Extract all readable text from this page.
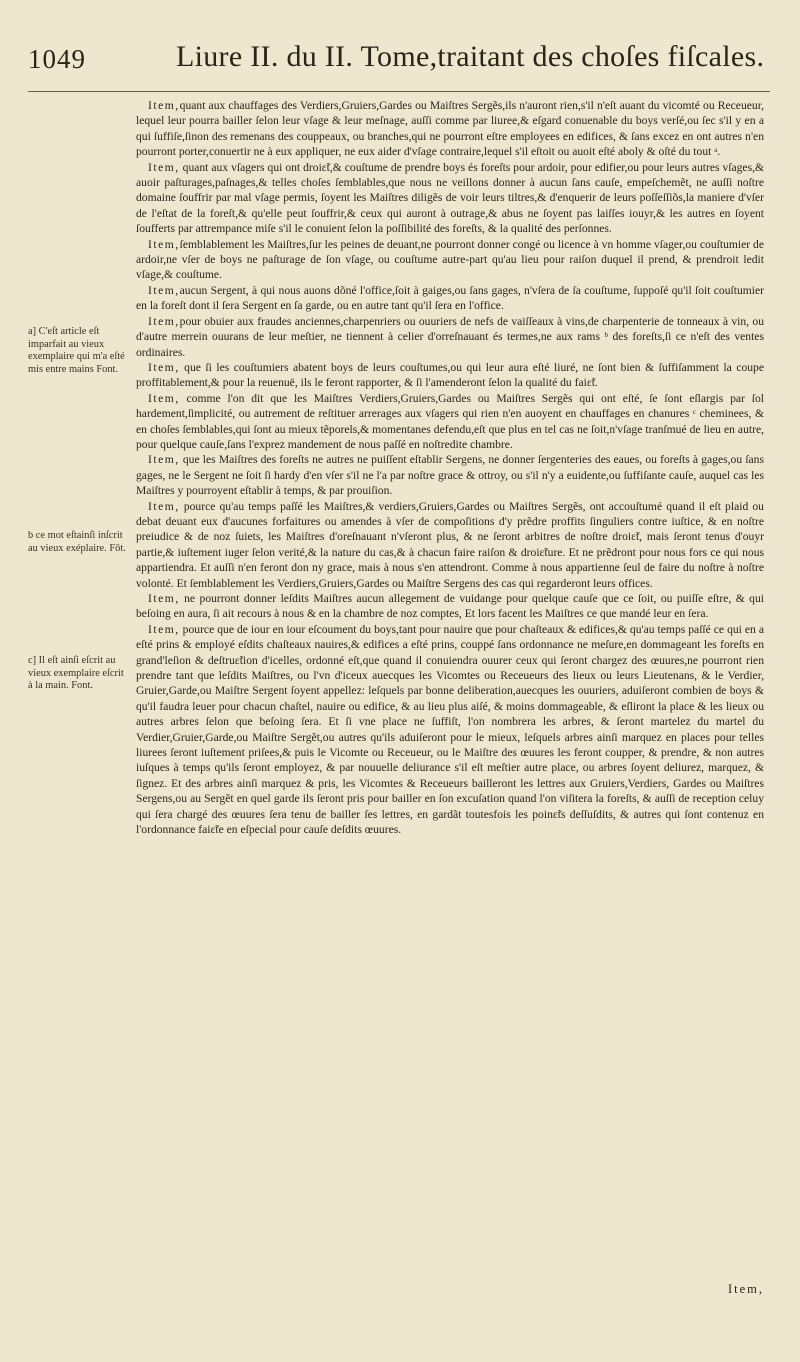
1049	Liure II. du II. Tome,traitant des choſes fiſcales.
a] C'eſt article eſt imparfait au vieux exemplaire qui m'a eſté mis entre mains Font.
b ce mot eſtainſi inſcrit au vieux exéplaire. Fōt.
c] Il eſt ainſi eſcrit au vieux exemplaire eſcrit à la main. Font.

Item,quant aux chauffages des Verdiers,Gruiers,Gardes ou Maiſtres Sergẽs,ils n'auront rien,s'il n'eſt auant du vicomté ou Receueur, lequel leur pourra bailler ſelon leur vſage & leur meſnage, auſſi comme par liuree,& eſgard conuenable du boys verſé,ou ſec s'il y en a qui ſuffiſe,ſinon des remenans des couppeaux, ou branches,qui ne pourront eſtre employees en edifices, & ſans excez en ont autres n'en pourront porter,conuertir ne à eux appliquer, ne eux aider d'vſage contraire,lequel s'il eſtoit ou auoit eſté aboly & oſté du tout ᵃ.

Item, quant aux vſagers qui ont droiɛ̃t,& couſtume de prendre boys és foreſts pour ardoir, pour edifier,ou pour leurs autres vſages,& auoir paſturages,paſnages,& telles choſes ſemblables,que nous ne veillons donner à aucun ſans cauſe, empeſchemẽt, ne auſſi noſtre domaine ſouffrir par mal vſage permis, ſoyent les Maiſtres diligẽs de voir leurs tiltres,& d'enquerir de leurs poſſeſſiõs,la maniere d'vſer de l'eſtat de la foreſt,& qu'elle peut ſouffrir,& ceux qui auront à outrage,& abus ne ſoyent pas laiſſes iouyr,& les autres en ſoyent ſoufferts par attrempance miſe s'il le conuient ſelon la poſſibilité des foreſts, & la qualité des perſonnes.

Item,ſemblablement les Maiſtres,ſur les peines de deuant,ne pourront donner congé ou licence à vn homme vſager,ou couſtumier de ardoir,ne vſer de boys ne paſturage de ſon vſage, ou couſtume autre-part qu'au lieu pour raiſon duquel il prend, & prendroit ledit vſage,& couſtume.

Item,aucun Sergent, à qui nous auons dõné l'office,ſoit à gaiges,ou ſans gages, n'vſera de ſa couſtume, ſuppoſé qu'il ſoit couſtumier en la foreſt dont il ſera Sergent en ſa garde, ou en autre tant qu'il ſera en l'office.

Item,pour obuier aux fraudes anciennes,charpenriers ou ouuriers de nefs de vaiſſeaux à vins,de charpenterie de tonneaux à vin, ou d'autre merrein ouurans de leur meſtier, ne tiennent à celier d'orreſnauant és termes,ne aux rams ᵇ des foreſts,ſi ce n'eſt des ventes ordinaires.

Item, que ſi les couſtumiers abatent boys de leurs couſtumes,ou qui leur aura eſté liuré, ne ſont bien & ſuffiſamment la coupe proffitablement,& pour la reuenuë, ils le feront rapporter, & ſi l'amenderont ſelon la qualité du faiɛ̃t.

Item, comme l'on dit que les Maiſtres Verdiers,Gruiers,Gardes ou Maiſtres Sergẽs qui ont eſté, ſe ſont eſlargis par ſol hardement,ſimplicité, ou autrement de reſtituer arrerages aux vſagers qui rien n'en auoyent en chauffages en chanures ᶜ cheminees, & en choſes ſemblables,qui ſont au mieux tẽporels,& momentanes defendu,eſt que plus en tel cas ne ſoit,n'vſage tranſmué de lieu en autre, pour quelque cauſe,ſans l'exprez mandement de nous paſſé en noſtredite chambre.

Item, que les Maiſtres des foreſts ne autres ne puiſſent eſtablir Sergens, ne donner ſergenteries des eaues, ou foreſts à gages,ou ſans gages, ne le Sergent ne ſoit ſi hardy d'en vſer s'il ne l'a par noſtre grace & ottroy, ou s'il n'y a euidente,ou ſuffiſante cauſe, auquel cas les Maiſtres y pourroyent eſtablir à temps, & par prouiſion.

Item, pource qu'au temps paſſé les Maiſtres,& verdiers,Gruiers,Gardes ou Maiſtres Sergẽs, ont accouſtumé quand il eſt plaid ou debat deuant eux d'aucunes forfaitures ou amendes à vſer de compoſitions d'y prẽdre proffits ſinguliers contre iuſtice, & en noſtre preiudice & de noz ſuiets, les Maiſtres d'oreſnauant n'vſeront plus, & ne ſeront arbitres de noſtre droiɛ̃t, mais ſeront tenus d'ouyr partie,& iuſtement iuger ſelon verité,& la nature du cas,& à chacun faire raiſon & droiɛ̃ture. Et ne prẽdront pour nous fors ce qui nous appartiendra. Et auſſi n'en feront don ny grace, mais à nous s'en attendront. Comme à nous appartienne ſeul de faire du noſtre à noſtre volonté. Et ſemblablement les Verdiers,Gruiers,Gardes ou Maiſtre Sergens des cas qui regarderont leurs offices.

Item, ne pourront donner leſdits Maiſtres aucun allegement de vuidange pour quelque cauſe que ce ſoit, ou puiſſe eſtre, & qui beſoing en aura, ſi ait recours à nous & en la chambre de noz comptes, Et lors facent les Maiſtres ce que mandé leur en ſera.

Item, pource que de iour en iour eſcoument du boys,tant pour nauire que pour chaſteaux & edifices,& qu'au temps paſſé ce qui en a eſté prins & employé eſdits chaſteaux nauires,& edifices a eſté prins, couppé ſans ordonnance ne meſure,en dommageant les foreſts en grand'leſion & deſtruɛ̃tion d'icelles, ordonné eſt,que quand il conuiendra ouurer ceux qui ſeront chargez des œuures,ne pourront rien prendre tant que leſdits Maiſtres, ou l'vn d'iceux auecques les Vicomtes ou Receueurs des lieux ou leurs Lieutenans, & le Verdier, Gruier,Garde,ou Maiſtre Sergent ſoyent appellez: leſquels par bonne deliberation,auecques les ouuriers, aduiſeront combien de boys & qu'il faudra leuer pour chacun chaſtel, nauire ou edifice, & au lieu plus aiſé, & moins dommageable, & eſliront la place & les lieux ou autres arbres ſelon que beſoing ſera. Et ſi vne place ne ſuffiſt, l'on nombrera les arbres, & ſeront martelez du martel du Verdier,Gruier,Garde,ou Maiſtre Sergẽt,ou autres qu'ils aduiſeront pour le mieux, leſquels arbres ainſi marquez en places pour telles liurees ſeront iuſtement priſees,& puis le Vicomte ou Receueur, ou le Maiſtre des œuures les feront coupper, & prendre, & non autres iuſques à temps qu'ils ſeront employez, & par nouuelle deliurance s'il eſt meſtier autre place, ou arbres ſoyent deliurez, marquez, & ſignez. Et des arbres ainſi marquez & pris, les Vicomtes & Receueurs bailleront les lettres aux Gruiers,Verdiers, Gardes ou Maiſtres Sergens,ou au Sergẽt en quel garde ils ſeront pris pour bailler en ſon excuſation quand l'on viſitera la foreſts, & auſſi de reception celuy qui ſera chargé des œuures ſera tenu de bailler ſes lettres, en gardãt toutesfois les poinɛ̃ts deſſuſdits, & autres qui ſont contenuz en l'ordonnance faiɛ̃te en eſpecial pour cauſe deſdits œuures.

Item,
